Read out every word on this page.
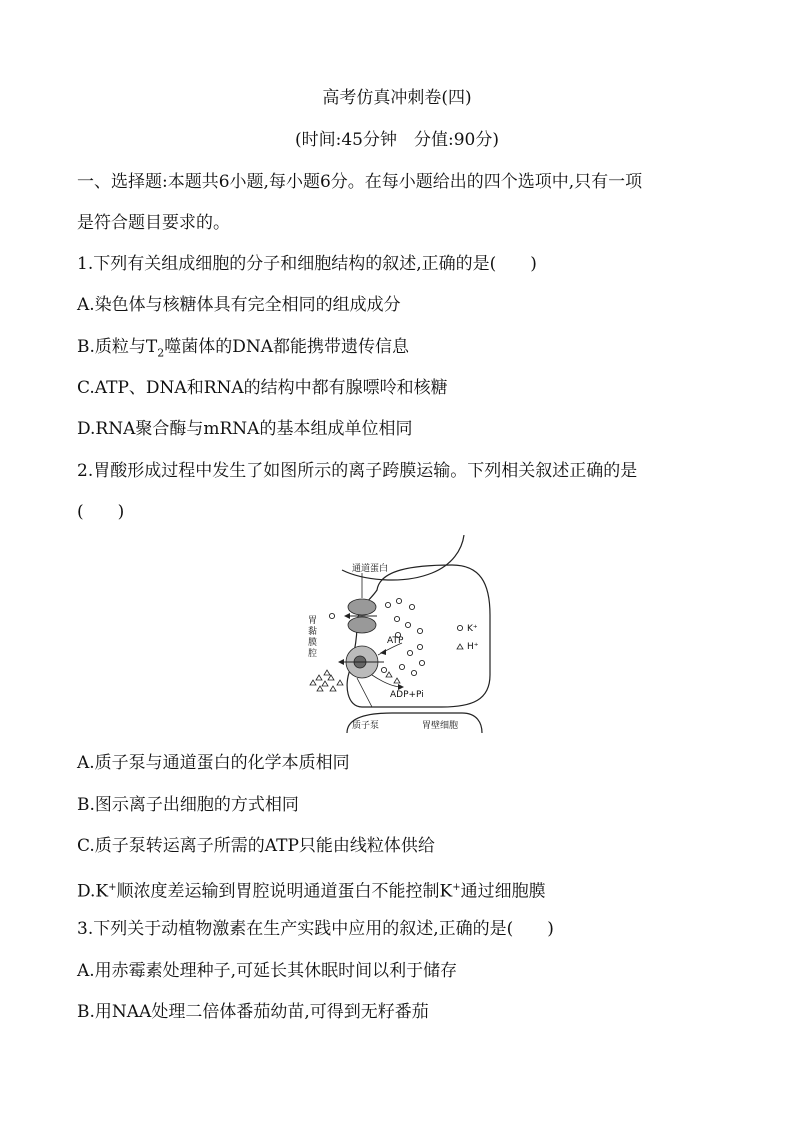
高考仿真冲刺卷(四)
(时间:45分钟　分值:90分)
一、选择题:本题共6小题,每小题6分。在每小题给出的四个选项中,只有一项
是符合题目要求的。
1.下列有关组成细胞的分子和细胞结构的叙述,正确的是(　　)
A.染色体与核糖体具有完全相同的组成成分
B.质粒与$T_2$噬菌体的DNA都能携带遗传信息
C.ATP、DNA和RNA的结构中都有腺嘌呤和核糖
D.RNA聚合酶与mRNA的基本组成单位相同
2.胃酸形成过程中发生了如图所示的离子跨膜运输。下列相关叙述正确的是
(　　)
通道蛋白
质子泵	胃壁细胞
ATP
ADP+Pi
胃
黏
膜
腔
K⁺
H⁺
A.质子泵与通道蛋白的化学本质相同
B.图示离子出细胞的方式相同
C.质子泵转运离子所需的ATP只能由线粒体供给
D.K+顺浓度差运输到胃腔说明通道蛋白不能控制K+通过细胞膜
3.下列关于动植物激素在生产实践中应用的叙述,正确的是(　　)
A.用赤霉素处理种子,可延长其休眠时间以利于储存
B.用NAA处理二倍体番茄幼苗,可得到无籽番茄
